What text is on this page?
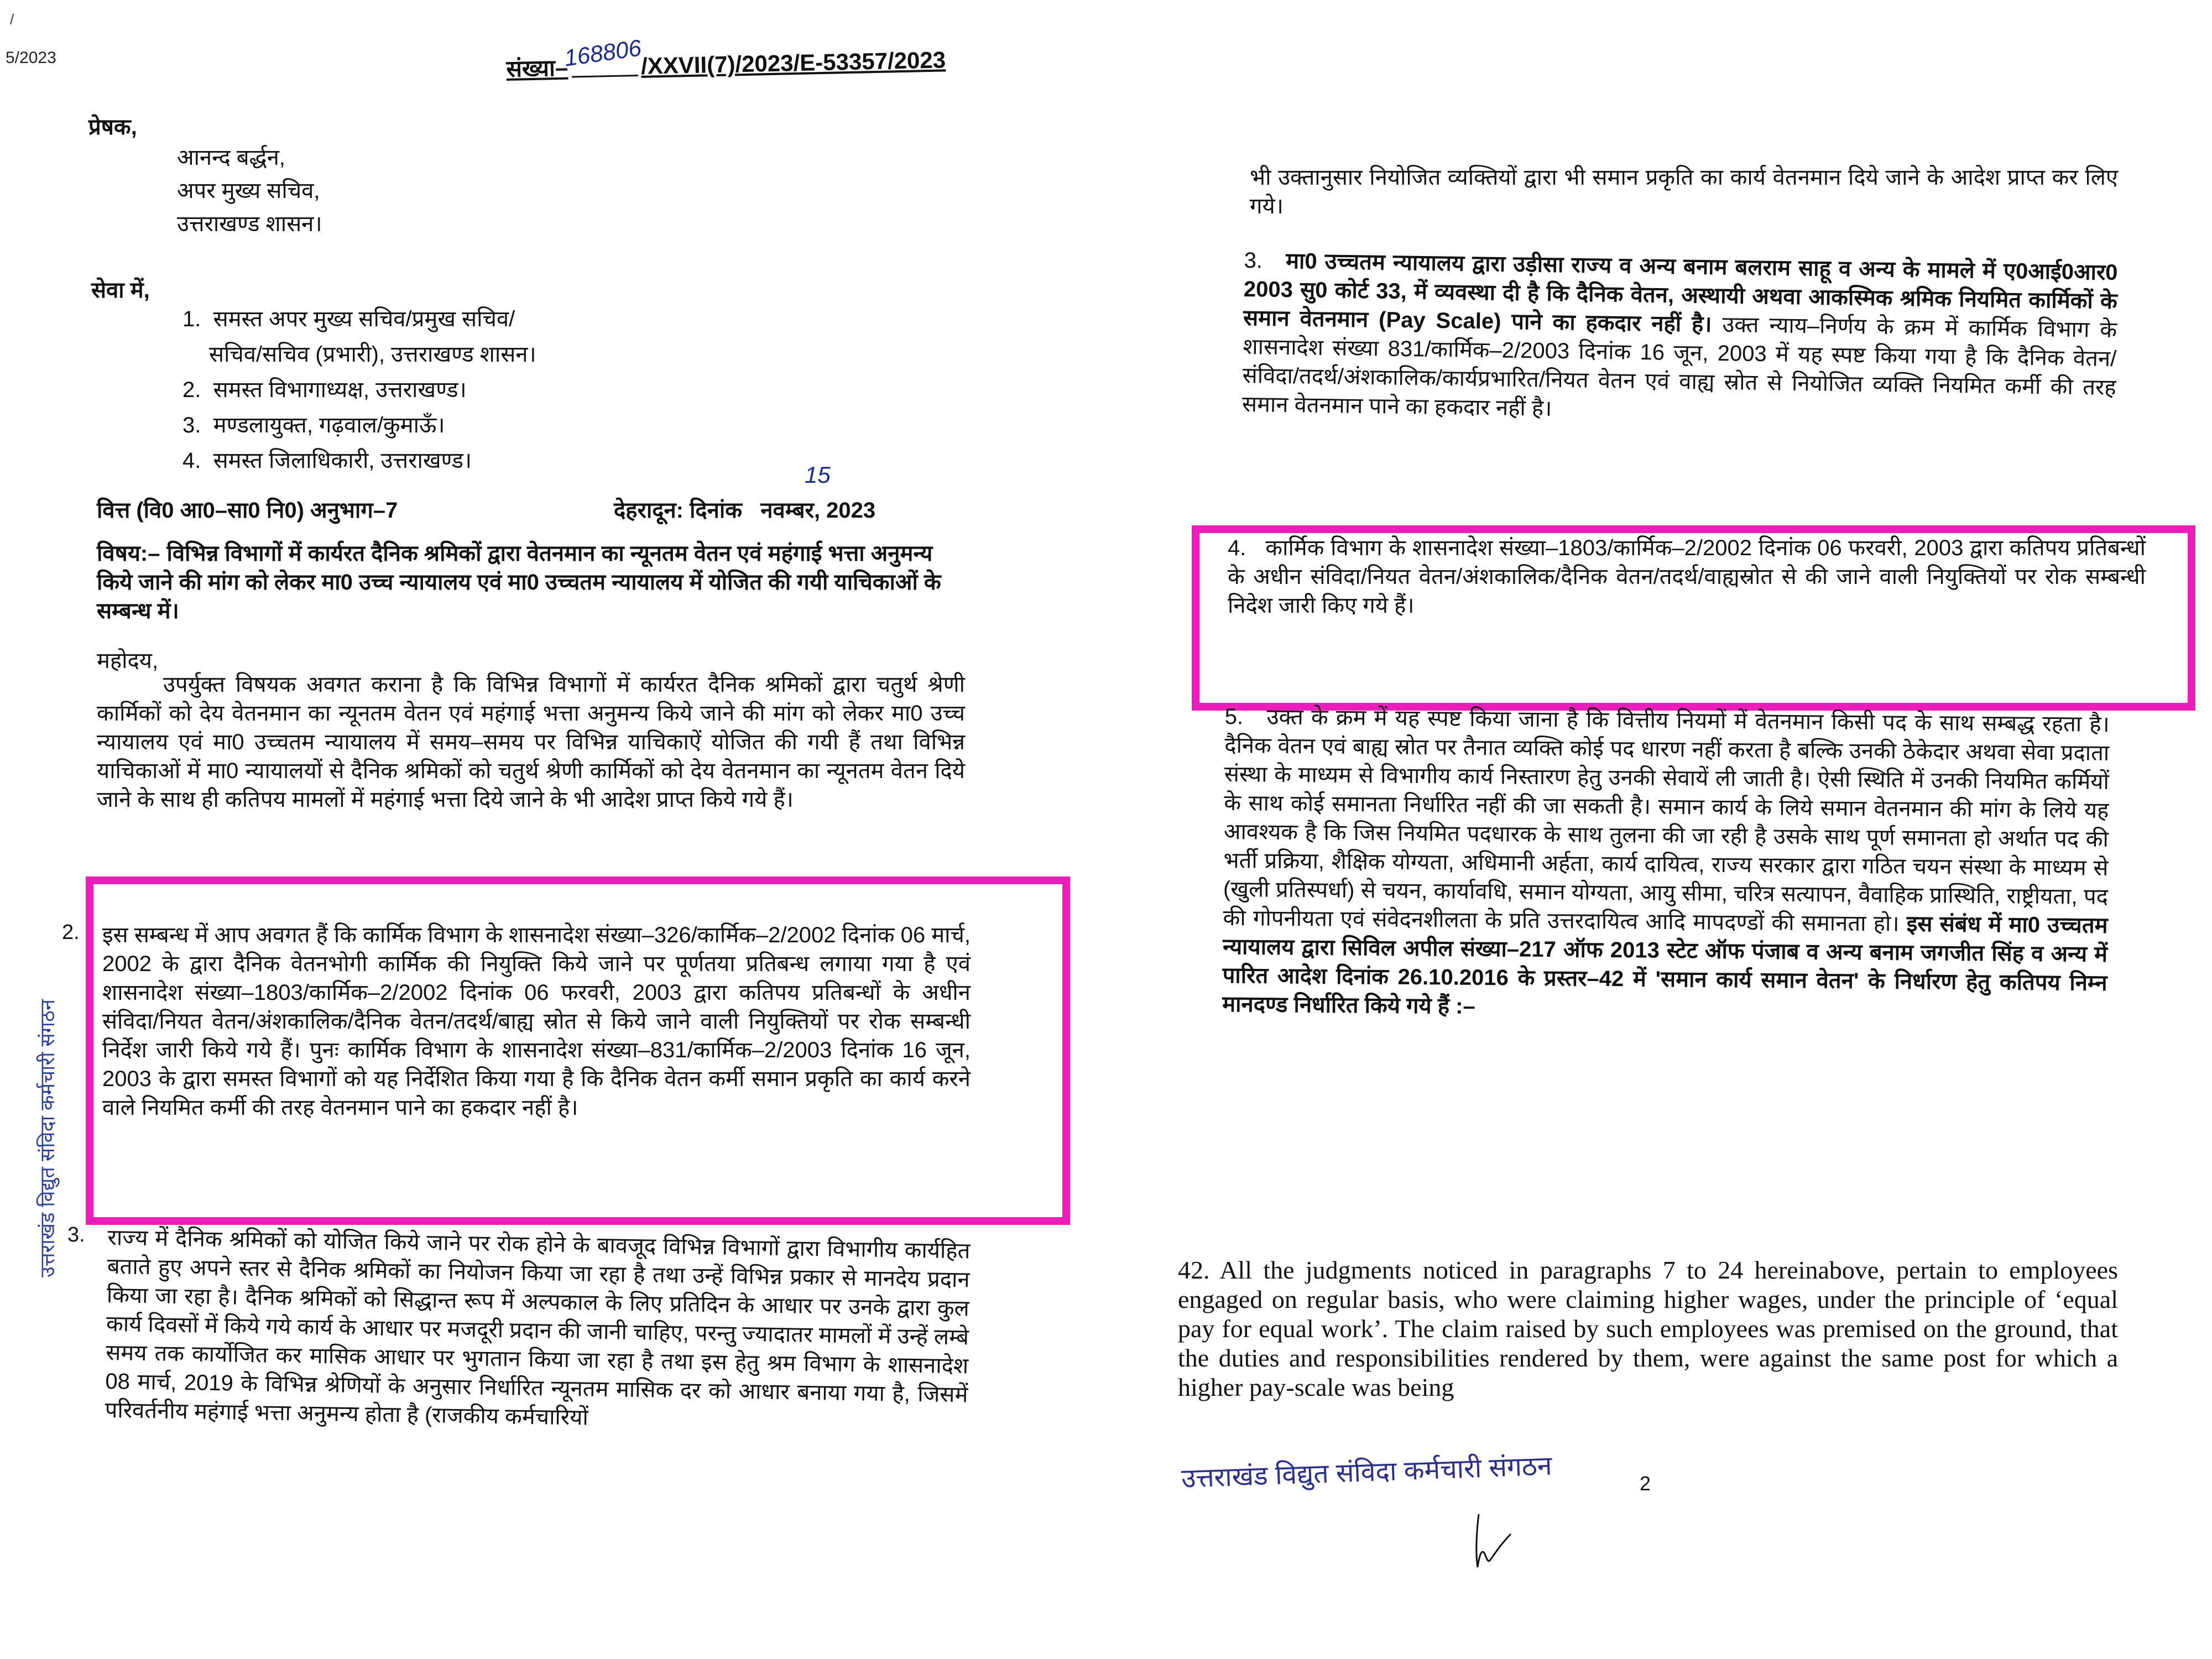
/
5/2023	168806
संख्या–	/XXVII(7)/2023/E-53357/2023
प्रेषक,
आनन्द बर्द्धन,
अपर मुख्य सचिव,
उत्तराखण्ड शासन।
सेवा में,
1. समस्त अपर मुख्य सचिव/प्रमुख सचिव/
सचिव/सचिव (प्रभारी), उत्तराखण्ड शासन।
2. समस्त विभागाध्यक्ष, उत्तराखण्ड।
3. मण्डलायुक्त, गढ़वाल/कुमाऊँ।
4. समस्त जिलाधिकारी, उत्तराखण्ड।
वित्त (वि0 आ0–सा0 नि0) अनुभाग–7
15
देहरादून: दिनांक नवम्बर, 2023
विषय:– विभिन्न विभागों में कार्यरत दैनिक श्रमिकों द्वारा वेतनमान का न्यूनतम वेतन एवं महंगाई भत्ता अनुमन्य किये जाने की मांग को लेकर मा0 उच्च न्यायालय एवं मा0 उच्चतम न्यायालय में योजित की गयी याचिकाओं के सम्बन्ध में।
महोदय,
उपर्युक्त विषयक अवगत कराना है कि विभिन्न विभागों में कार्यरत दैनिक श्रमिकों द्वारा चतुर्थ श्रेणी कार्मिकों को देय वेतनमान का न्यूनतम वेतन एवं महंगाई भत्ता अनुमन्य किये जाने की मांग को लेकर मा0 उच्च न्यायालय एवं मा0 उच्चतम न्यायालय में समय–समय पर विभिन्न याचिकाऐं योजित की गयी हैं तथा विभिन्न याचिकाओं में मा0 न्यायालयों से दैनिक श्रमिकों को चतुर्थ श्रेणी कार्मिकों को देय वेतनमान का न्यूनतम वेतन दिये जाने के साथ ही कतिपय मामलों में महंगाई भत्ता दिये जाने के भी आदेश प्राप्त किये गये हैं।
2. इस सम्बन्ध में आप अवगत हैं कि कार्मिक विभाग के शासनादेश संख्या–326/कार्मिक–2/2002 दिनांक 06 मार्च, 2002 के द्वारा दैनिक वेतनभोगी कार्मिक की नियुक्ति किये जाने पर पूर्णतया प्रतिबन्ध लगाया गया है एवं शासनादेश संख्या–1803/कार्मिक–2/2002 दिनांक 06 फरवरी, 2003 द्वारा कतिपय प्रतिबन्धों के अधीन संविदा/नियत वेतन/अंशकालिक/दैनिक वेतन/तदर्थ/बाह्य स्रोत से किये जाने वाली नियुक्तियों पर रोक सम्बन्धी निर्देश जारी किये गये हैं। पुनः कार्मिक विभाग के शासनादेश संख्या–831/कार्मिक–2/2003 दिनांक 16 जून, 2003 के द्वारा समस्त विभागों को यह निर्देशित किया गया है कि दैनिक वेतन कर्मी समान प्रकृति का कार्य करने वाले नियमित कर्मी की तरह वेतनमान पाने का हकदार नहीं है।
3. राज्य में दैनिक श्रमिकों को योजित किये जाने पर रोक होने के बावजूद विभिन्न विभागों द्वारा विभागीय कार्यहित बताते हुए अपने स्तर से दैनिक श्रमिकों का नियोजन किया जा रहा है तथा उन्हें विभिन्न प्रकार से मानदेय प्रदान किया जा रहा है। दैनिक श्रमिकों को सिद्धान्त रूप में अल्पकाल के लिए प्रतिदिन के आधार पर उनके द्वारा कुल कार्य दिवसों में किये गये कार्य के आधार पर मजदूरी प्रदान की जानी चाहिए, परन्तु ज्यादातर मामलों में उन्हें लम्बे समय तक कार्योजित कर मासिक आधार पर भुगतान किया जा रहा है तथा इस हेतु श्रम विभाग के शासनादेश 08 मार्च, 2019 के विभिन्न श्रेणियों के अनुसार निर्धारित न्यूनतम मासिक दर को आधार बनाया गया है, जिसमें परिवर्तनीय महंगाई भत्ता अनुमन्य होता है (राजकीय कर्मचारियों
उत्तराखंड विद्युत संविदा कर्मचारी संगठन
भी उक्तानुसार नियोजित व्यक्तियों द्वारा भी समान प्रकृति का कार्य वेतनमान दिये जाने के आदेश प्राप्त कर लिए गये।
3. मा0 उच्चतम न्यायालय द्वारा उड़ीसा राज्य व अन्य बनाम बलराम साहू व अन्य के मामले में ए0आई0आर0 2003 सु0 कोर्ट 33, में व्यवस्था दी है कि दैनिक वेतन, अस्थायी अथवा आकस्मिक श्रमिक नियमित कार्मिकों के समान वेतनमान (Pay Scale) पाने का हकदार नहीं है। उक्त न्याय–निर्णय के क्रम में कार्मिक विभाग के शासनादेश संख्या 831/कार्मिक–2/2003 दिनांक 16 जून, 2003 में यह स्पष्ट किया गया है कि दैनिक वेतन/संविदा/तदर्थ/अंशकालिक/कार्यप्रभारित/नियत वेतन एवं वाह्य स्रोत से नियोजित व्यक्ति नियमित कर्मी की तरह समान वेतनमान पाने का हकदार नहीं है।
4. कार्मिक विभाग के शासनादेश संख्या–1803/कार्मिक–2/2002 दिनांक 06 फरवरी, 2003 द्वारा कतिपय प्रतिबन्धों के अधीन संविदा/नियत वेतन/अंशकालिक/दैनिक वेतन/तदर्थ/वाह्यस्रोत से की जाने वाली नियुक्तियों पर रोक सम्बन्धी निदेश जारी किए गये हैं।
5. उक्त के क्रम में यह स्पष्ट किया जाना है कि वित्तीय नियमों में वेतनमान किसी पद के साथ सम्बद्ध रहता है। दैनिक वेतन एवं बाह्य स्रोत पर तैनात व्यक्ति कोई पद धारण नहीं करता है बल्कि उनकी ठेकेदार अथवा सेवा प्रदाता संस्था के माध्यम से विभागीय कार्य निस्तारण हेतु उनकी सेवायें ली जाती है। ऐसी स्थिति में उनकी नियमित कर्मियों के साथ कोई समानता निर्धारित नहीं की जा सकती है। समान कार्य के लिये समान वेतनमान की मांग के लिये यह आवश्यक है कि जिस नियमित पदधारक के साथ तुलना की जा रही है उसके साथ पूर्ण समानता हो अर्थात पद की भर्ती प्रक्रिया, शैक्षिक योग्यता, अधिमानी अर्हता, कार्य दायित्व, राज्य सरकार द्वारा गठित चयन संस्था के माध्यम से (खुली प्रतिस्पर्धा) से चयन, कार्यावधि, समान योग्यता, आयु सीमा, चरित्र सत्यापन, वैवाहिक प्रास्थिति, राष्ट्रीयता, पद की गोपनीयता एवं संवेदनशीलता के प्रति उत्तरदायित्व आदि मापदण्डों की समानता हो। इस संबंध में मा0 उच्चतम न्यायालय द्वारा सिविल अपील संख्या–217 ऑफ 2013 स्टेट ऑफ पंजाब व अन्य बनाम जगजीत सिंह व अन्य में पारित आदेश दिनांक 26.10.2016 के प्रस्तर–42 में 'समान कार्य समान वेतन' के निर्धारण हेतु कतिपय निम्न मानदण्ड निर्धारित किये गये हैं :–
42. All the judgments noticed in paragraphs 7 to 24 hereinabove, pertain to employees engaged on regular basis, who were claiming higher wages, under the principle of ‘equal pay for equal work’. The claim raised by such employees was premised on the ground, that the duties and responsibilities rendered by them, were against the same post for which a higher pay-scale was being
उत्तराखंड विद्युत संविदा कर्मचारी संगठन	2
